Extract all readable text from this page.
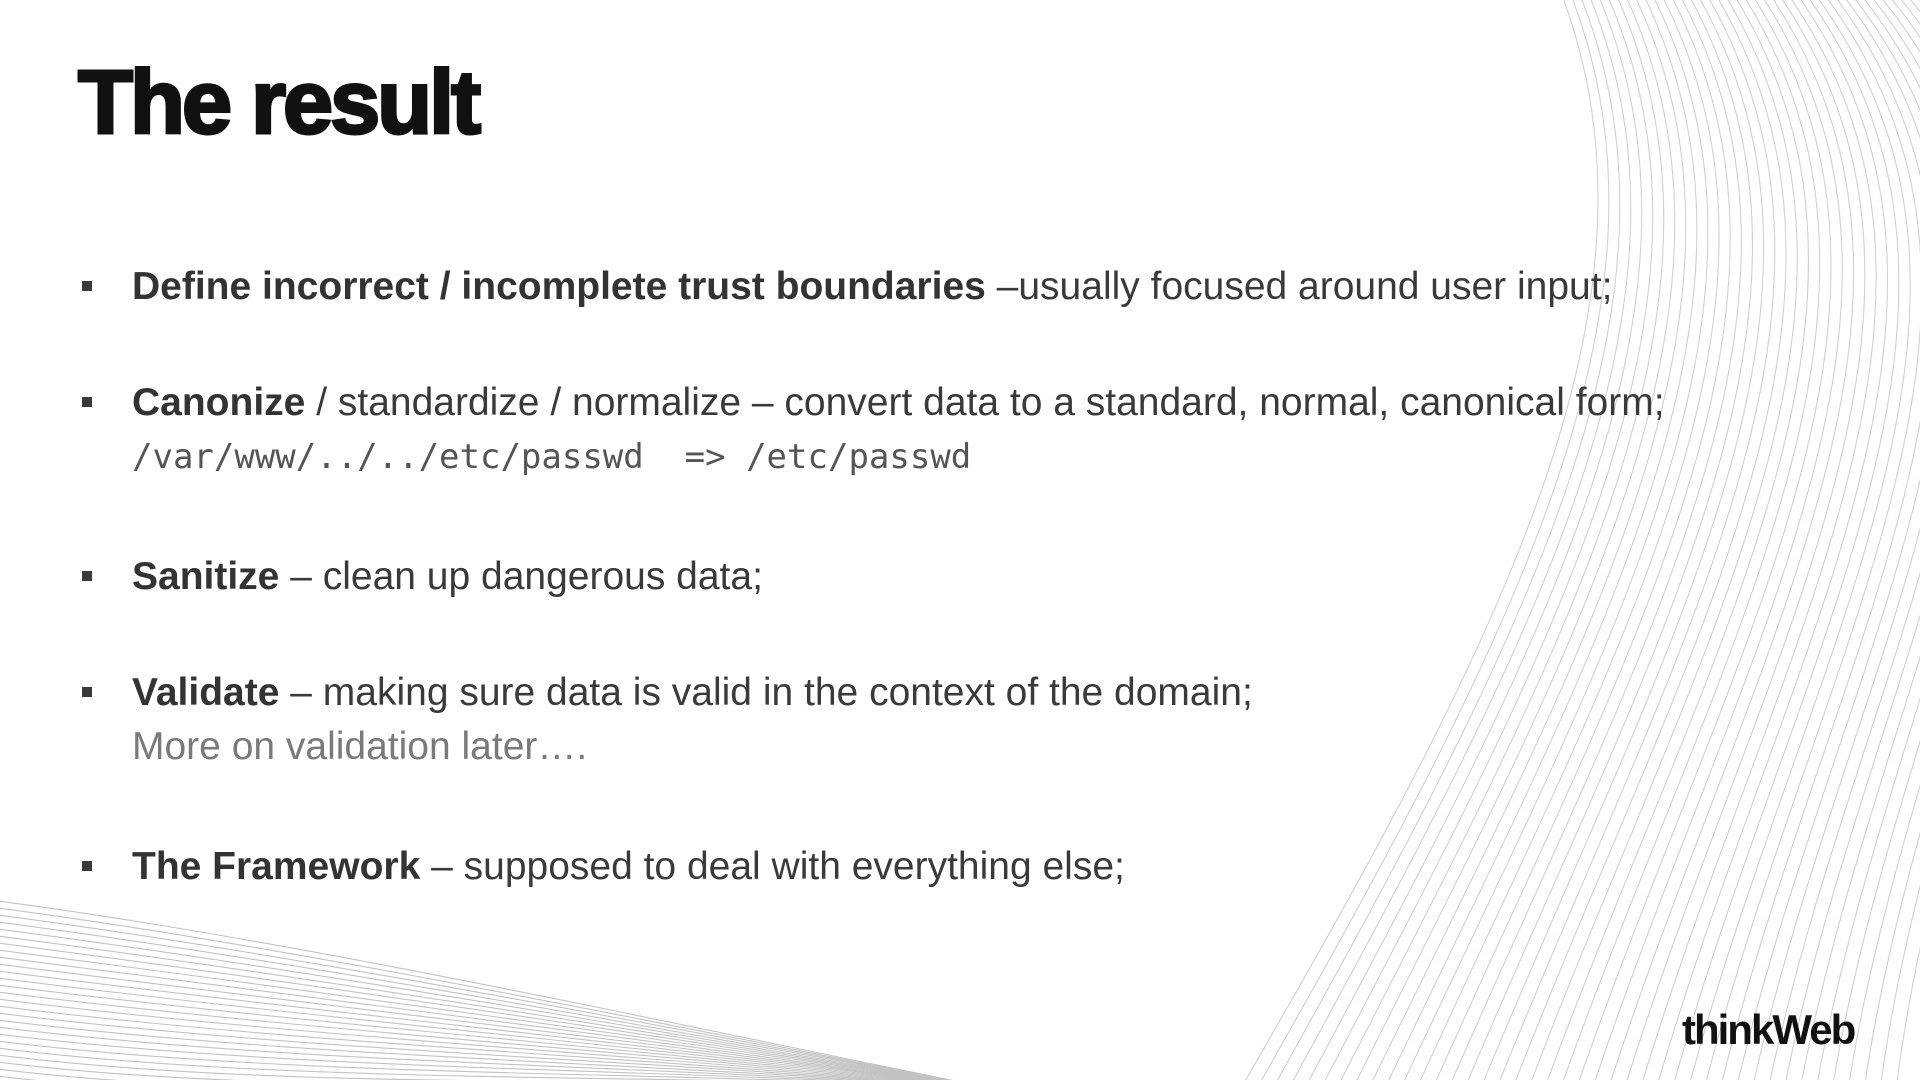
The result
Define incorrect / incomplete trust boundaries –usually focused around user input;
Canonize / standardize / normalize – convert data to a standard, normal, canonical form;
/var/www/../../etc/passwd  => /etc/passwd
Sanitize – clean up dangerous data;
Validate – making sure data is valid in the context of the domain;
More on validation later….
The Framework – supposed to deal with everything else;
thinkWeb
